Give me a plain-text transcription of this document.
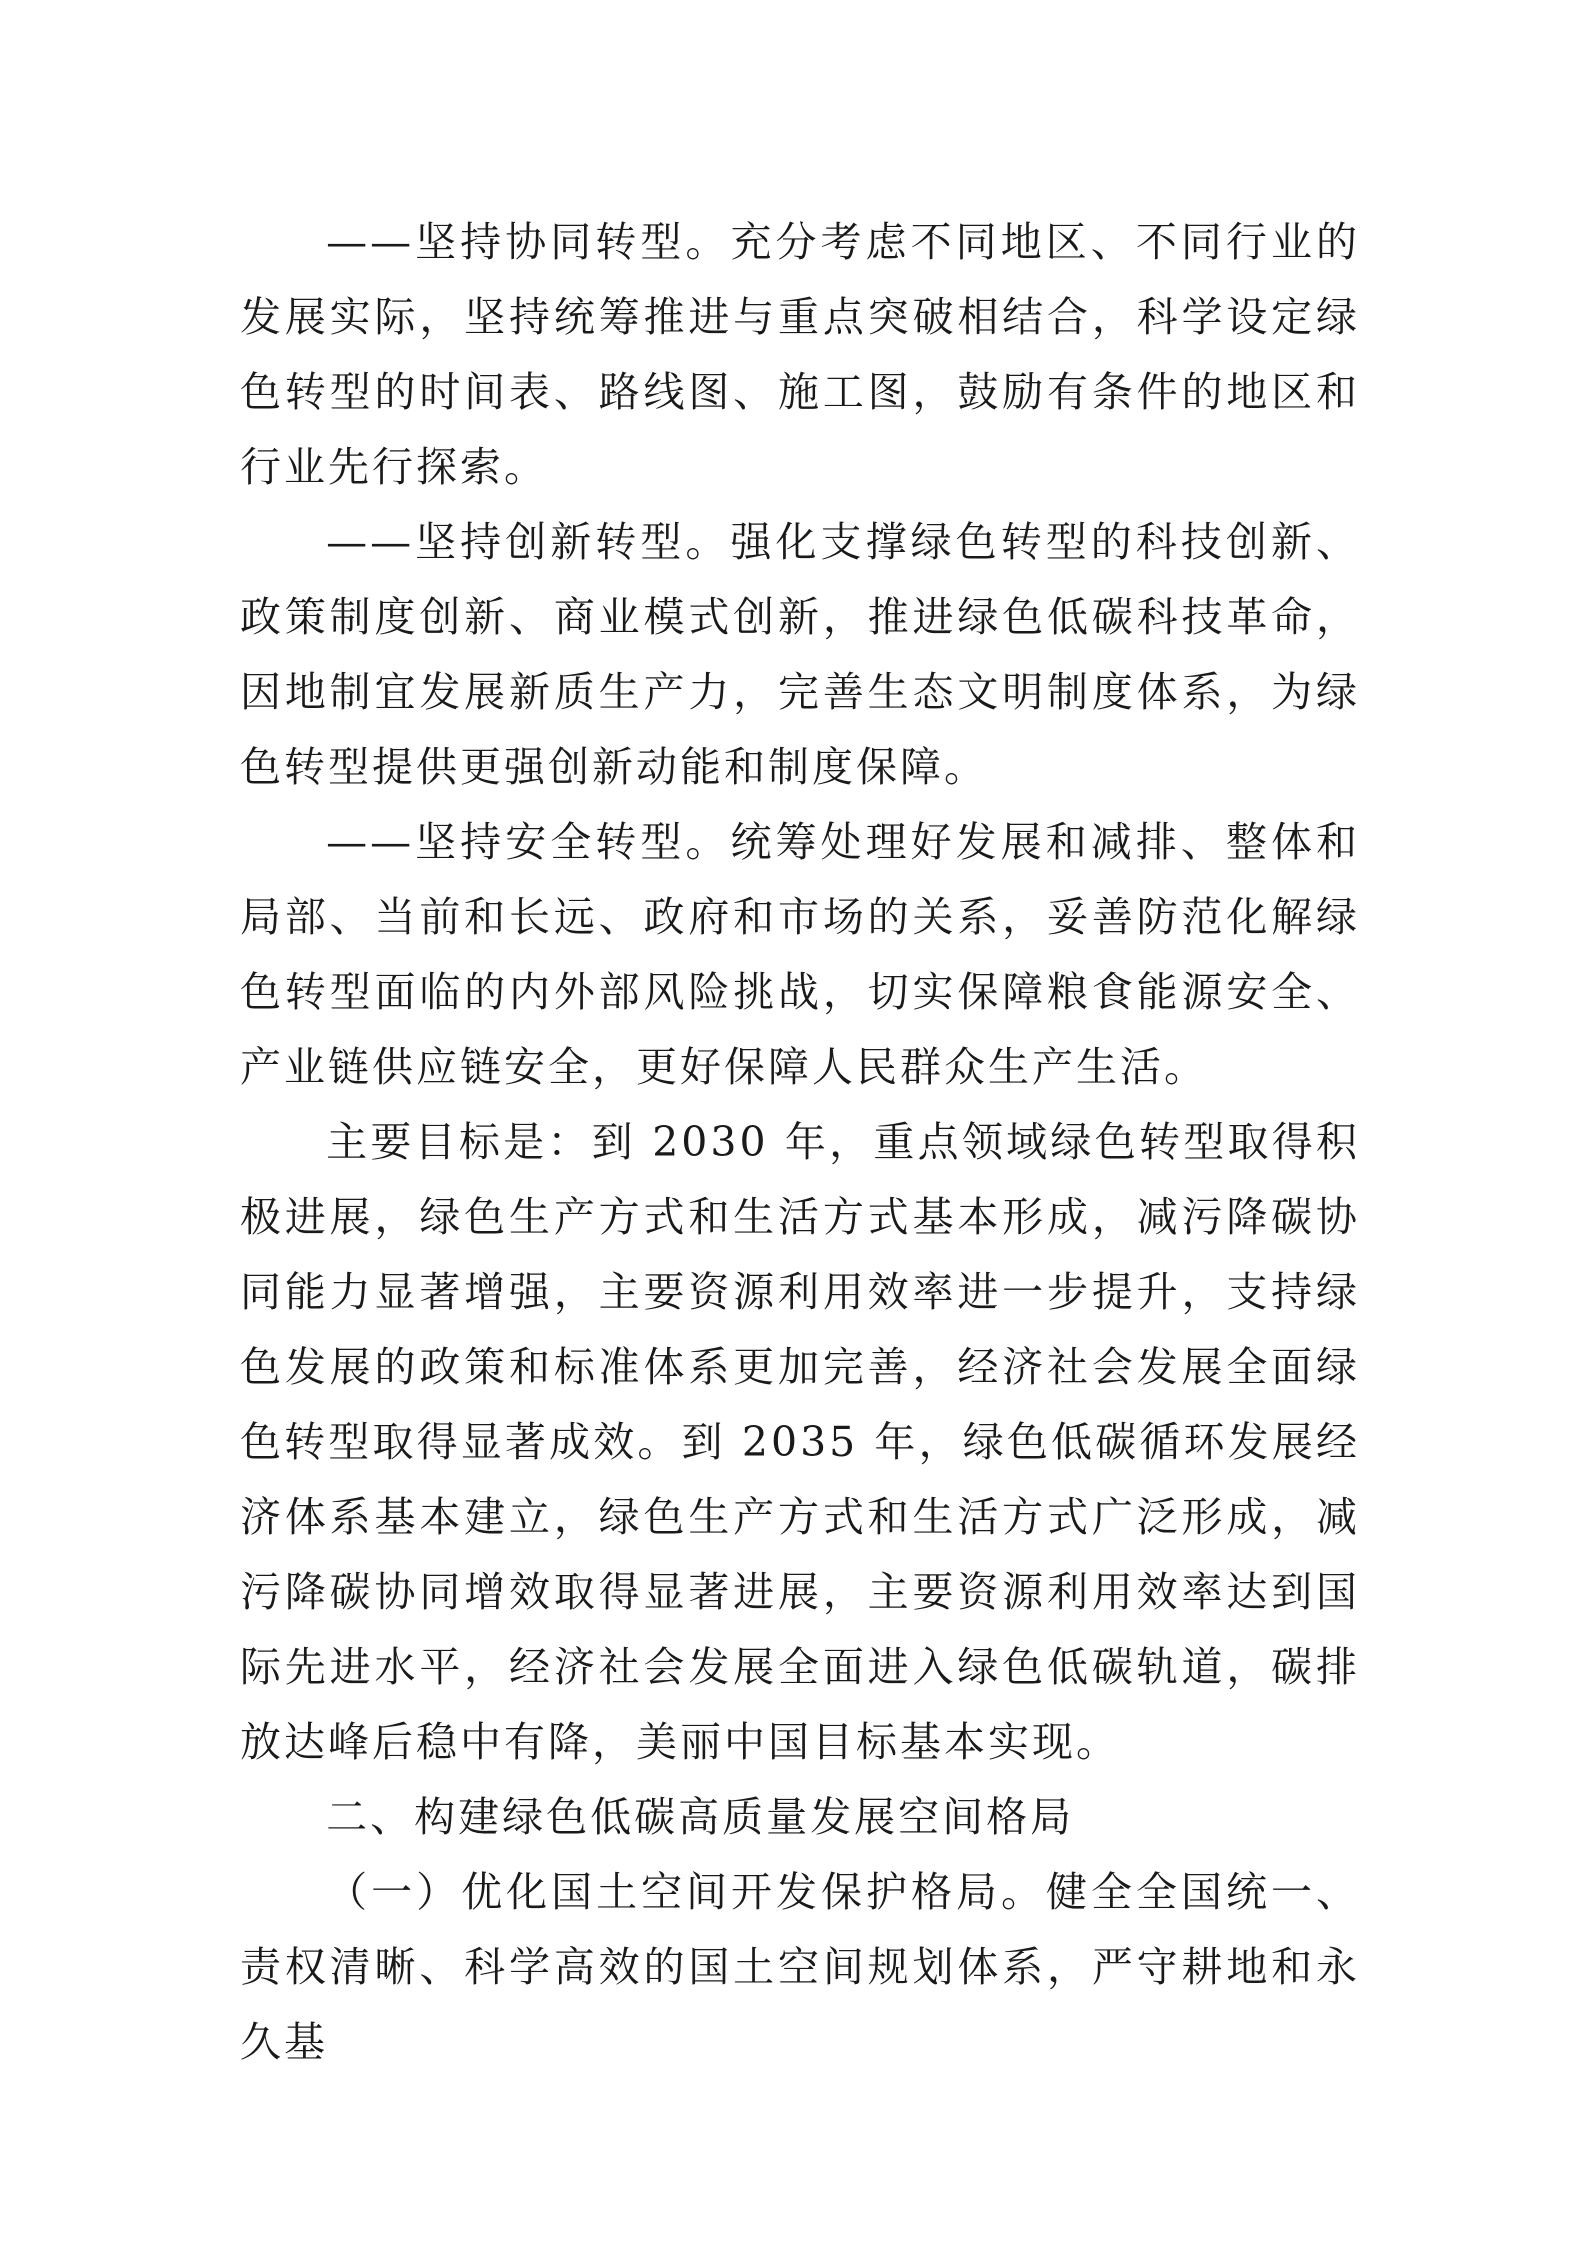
——坚持协同转型。充分考虑不同地区、不同行业的发展实际，坚持统筹推进与重点突破相结合，科学设定绿色转型的时间表、路线图、施工图，鼓励有条件的地区和行业先行探索。

——坚持创新转型。强化支撑绿色转型的科技创新、政策制度创新、商业模式创新，推进绿色低碳科技革命，因地制宜发展新质生产力，完善生态文明制度体系，为绿色转型提供更强创新动能和制度保障。

——坚持安全转型。统筹处理好发展和减排、整体和局部、当前和长远、政府和市场的关系，妥善防范化解绿色转型面临的内外部风险挑战，切实保障粮食能源安全、产业链供应链安全，更好保障人民群众生产生活。

主要目标是：到 2030 年，重点领域绿色转型取得积极进展，绿色生产方式和生活方式基本形成，减污降碳协同能力显著增强，主要资源利用效率进一步提升，支持绿色发展的政策和标准体系更加完善，经济社会发展全面绿色转型取得显著成效。到 2035 年，绿色低碳循环发展经济体系基本建立，绿色生产方式和生活方式广泛形成，减污降碳协同增效取得显著进展，主要资源利用效率达到国际先进水平，经济社会发展全面进入绿色低碳轨道，碳排放达峰后稳中有降，美丽中国目标基本实现。

二、构建绿色低碳高质量发展空间格局

（一）优化国土空间开发保护格局。健全全国统一、责权清晰、科学高效的国土空间规划体系，严守耕地和永久基
